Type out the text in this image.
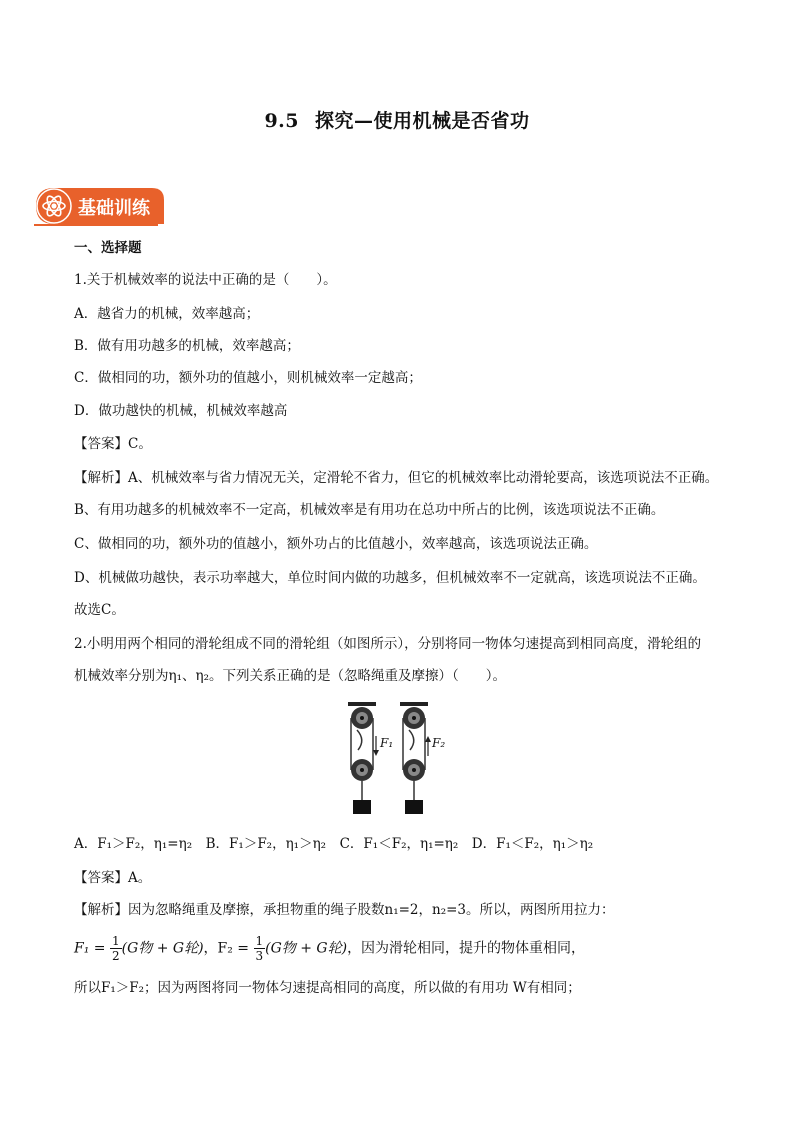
9.5 探究—使用机械是否省功
基础训练
一、选择题
1.关于机械效率的说法中正确的是（　　）。
A．越省力的机械，效率越高；
B．做有用功越多的机械，效率越高；
C．做相同的功，额外功的值越小，则机械效率一定越高；
D．做功越快的机械，机械效率越高
【答案】C。
【解析】A、机械效率与省力情况无关，定滑轮不省力，但它的机械效率比动滑轮要高，该选项说法不正确。
B、有用功越多的机械效率不一定高，机械效率是有用功在总功中所占的比例，该选项说法不正确。
C、做相同的功，额外功的值越小，额外功占的比值越小，效率越高，该选项说法正确。
D、机械做功越快，表示功率越大，单位时间内做的功越多，但机械效率不一定就高，该选项说法不正确。
故选C。
2.小明用两个相同的滑轮组成不同的滑轮组（如图所示），分别将同一物体匀速提高到相同高度，滑轮组的
机械效率分别为η₁、η₂。下列关系正确的是（忽略绳重及摩擦）（　　）。
F₁	F₂
A．F₁＞F₂，η₁=η₂　B．F₁＞F₂，η₁＞η₂　C．F₁＜F₂，η₁=η₂　D．F₁＜F₂，η₁＞η₂
【答案】A。
【解析】因为忽略绳重及摩擦，承担物重的绳子股数n₁=2，n₂=3。所以，两图所用拉力：
$F_1 = \frac{1}{2} (G$物 + G轮)，$F_2 = \frac{1}{3} (G$物 + G轮)，因为滑轮相同，提升的物体重相同，
所以F₁＞F₂；因为两图将同一物体匀速提高相同的高度，所以做的有用功 W有相同；
